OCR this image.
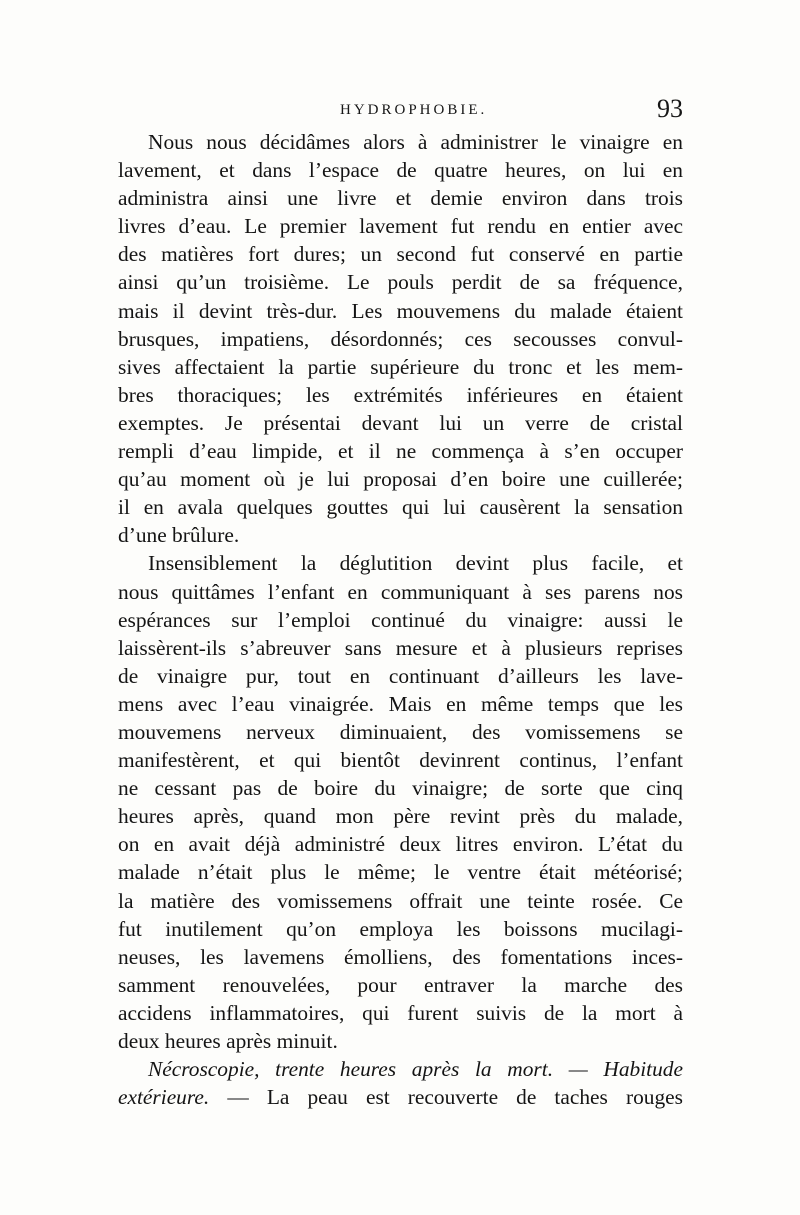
HYDROPHOBIE.	93
Nous nous décidâmes alors à administrer le vinaigre en
lavement, et dans l’espace de quatre heures, on lui en
administra ainsi une livre et demie environ dans trois
livres d’eau. Le premier lavement fut rendu en entier avec
des matières fort dures; un second fut conservé en partie
ainsi qu’un troisième. Le pouls perdit de sa fréquence,
mais il devint très-dur. Les mouvemens du malade étaient
brusques, impatiens, désordonnés; ces secousses convul-
sives affectaient la partie supérieure du tronc et les mem-
bres thoraciques; les extrémités inférieures en étaient
exemptes. Je présentai devant lui un verre de cristal
rempli d’eau limpide, et il ne commença à s’en occuper
qu’au moment où je lui proposai d’en boire une cuillerée;
il en avala quelques gouttes qui lui causèrent la sensation
d’une brûlure.
Insensiblement la déglutition devint plus facile, et
nous quittâmes l’enfant en communiquant à ses parens nos
espérances sur l’emploi continué du vinaigre: aussi le
laissèrent-ils s’abreuver sans mesure et à plusieurs reprises
de vinaigre pur, tout en continuant d’ailleurs les lave-
mens avec l’eau vinaigrée. Mais en même temps que les
mouvemens nerveux diminuaient, des vomissemens se
manifestèrent, et qui bientôt devinrent continus, l’enfant
ne cessant pas de boire du vinaigre; de sorte que cinq
heures après, quand mon père revint près du malade,
on en avait déjà administré deux litres environ. L’état du
malade n’était plus le même; le ventre était météorisé;
la matière des vomissemens offrait une teinte rosée. Ce
fut inutilement qu’on employa les boissons mucilagi-
neuses, les lavemens émolliens, des fomentations inces-
samment renouvelées, pour entraver la marche des
accidens inflammatoires, qui furent suivis de la mort à
deux heures après minuit.
Nécroscopie, trente heures après la mort. — Habitude
extérieure. — La peau est recouverte de taches rouges
